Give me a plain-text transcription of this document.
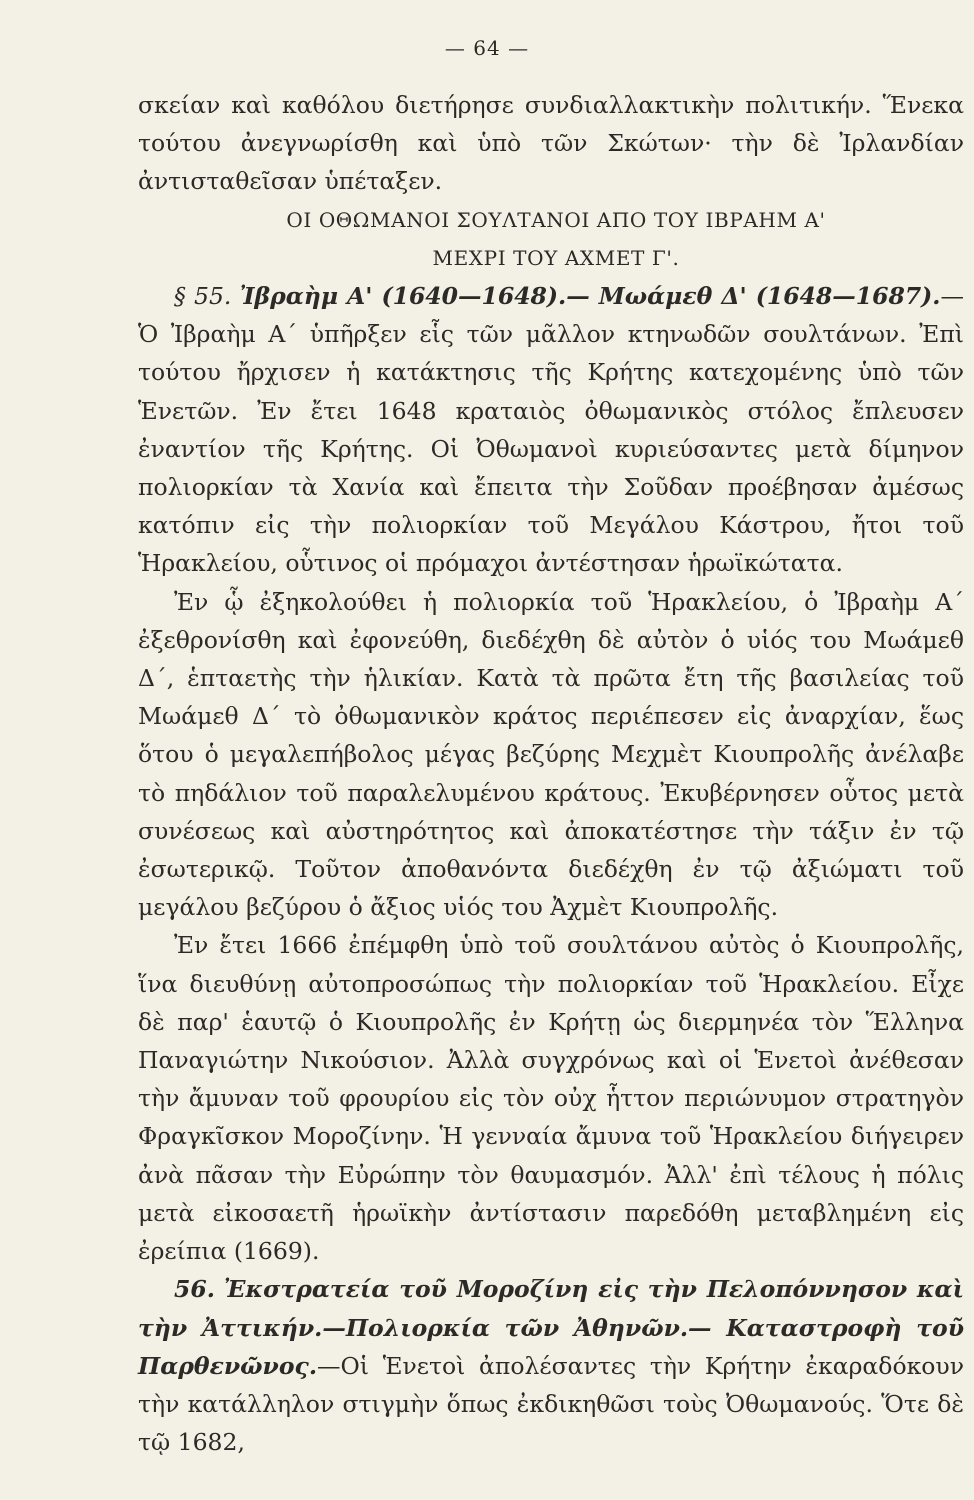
— 64 —

σκείαν καὶ καθόλου διετήρησε συνδιαλλακτικὴν πολιτικήν. Ἕνεκα τούτου ἀνεγνωρίσθη καὶ ὑπὸ τῶν Σκώτων· τὴν δὲ Ἰρλανδίαν ἀντισταθεῖσαν ὑπέταξεν.

ΟΙ ΟΘΩΜΑΝΟΙ ΣΟΥΛΤΑΝΟΙ ΑΠΟ ΤΟΥ ΙΒΡΑΗΜ Α'
ΜΕΧΡΙ ΤΟΥ ΑΧΜΕΤ Γ'.

§ 55. Ἰβραὴμ Α' (1640—1648).— Μωάμεθ Δ' (1648—1687).— Ὁ Ἰβραὴμ Α΄ ὑπῆρξεν εἷς τῶν μᾶλλον κτηνωδῶν σουλτάνων. Ἐπὶ τούτου ἤρχισεν ἡ κατάκτησις τῆς Κρήτης κατεχομένης ὑπὸ τῶν Ἑνετῶν. Ἐν ἔτει 1648 κραταιὸς ὀθωμανικὸς στόλος ἔπλευσεν ἐναντίον τῆς Κρήτης. Οἱ Ὀθωμανοὶ κυριεύσαντες μετὰ δίμηνον πολιορκίαν τὰ Χανία καὶ ἔπειτα τὴν Σοῦδαν προέβησαν ἀμέσως κατόπιν εἰς τὴν πολιορκίαν τοῦ Μεγάλου Κάστρου, ἤτοι τοῦ Ἡρακλείου, οὗτινος οἱ πρόμαχοι ἀντέστησαν ἡρωϊκώτατα.

Ἐν ᾧ ἐξηκολούθει ἡ πολιορκία τοῦ Ἡρακλείου, ὁ Ἰβραὴμ Α΄ ἐξεθρονίσθη καὶ ἐφονεύθη, διεδέχθη δὲ αὐτὸν ὁ υἱός του Μωάμεθ Δ΄, ἑπταετὴς τὴν ἡλικίαν. Κατὰ τὰ πρῶτα ἔτη τῆς βασιλείας τοῦ Μωάμεθ Δ΄ τὸ ὀθωμανικὸν κράτος περιέπεσεν εἰς ἀναρχίαν, ἕως ὅτου ὁ μεγαλεπήβολος μέγας βεζύρης Μεχμὲτ Κιουπρολῆς ἀνέλαβε τὸ πηδάλιον τοῦ παραλελυμένου κράτους. Ἐκυβέρνησεν οὗτος μετὰ συνέσεως καὶ αὐστηρότητος καὶ ἀποκατέστησε τὴν τάξιν ἐν τῷ ἐσωτερικῷ. Τοῦτον ἀποθανόντα διεδέχθη ἐν τῷ ἀξιώματι τοῦ μεγάλου βεζύρου ὁ ἄξιος υἱός του Ἀχμὲτ Κιουπρολῆς.

Ἐν ἔτει 1666 ἐπέμφθη ὑπὸ τοῦ σουλτάνου αὐτὸς ὁ Κιουπρολῆς, ἵνα διευθύνῃ αὐτοπροσώπως τὴν πολιορκίαν τοῦ Ἡρακλείου. Εἶχε δὲ παρ' ἑαυτῷ ὁ Κιουπρολῆς ἐν Κρήτῃ ὡς διερμηνέα τὸν Ἕλληνα Παναγιώτην Νικούσιον. Ἀλλὰ συγχρόνως καὶ οἱ Ἑνετοὶ ἀνέθεσαν τὴν ἄμυναν τοῦ φρουρίου εἰς τὸν οὐχ ἧττον περιώνυμον στρατηγὸν Φραγκῖσκον Μοροζίνην. Ἡ γενναία ἄμυνα τοῦ Ἡρακλείου διήγειρεν ἀνὰ πᾶσαν τὴν Εὐρώπην τὸν θαυμασμόν. Ἀλλ' ἐπὶ τέλους ἡ πόλις μετὰ εἰκοσαετῆ ἡρωϊκὴν ἀντίστασιν παρεδόθη μεταβλημένη εἰς ἐρείπια (1669).

56. Ἐκστρατεία τοῦ Μοροζίνη εἰς τὴν Πελοπόννησον καὶ τὴν Ἀττικήν.—Πολιορκία τῶν Ἀθηνῶν.— Καταστροφὴ τοῦ Παρθενῶνος.—Οἱ Ἑνετοὶ ἀπολέσαντες τὴν Κρήτην ἐκαραδόκουν τὴν κατάλληλον στιγμὴν ὅπως ἐκδικηθῶσι τοὺς Ὀθωμανούς. Ὅτε δὲ τῷ 1682,
